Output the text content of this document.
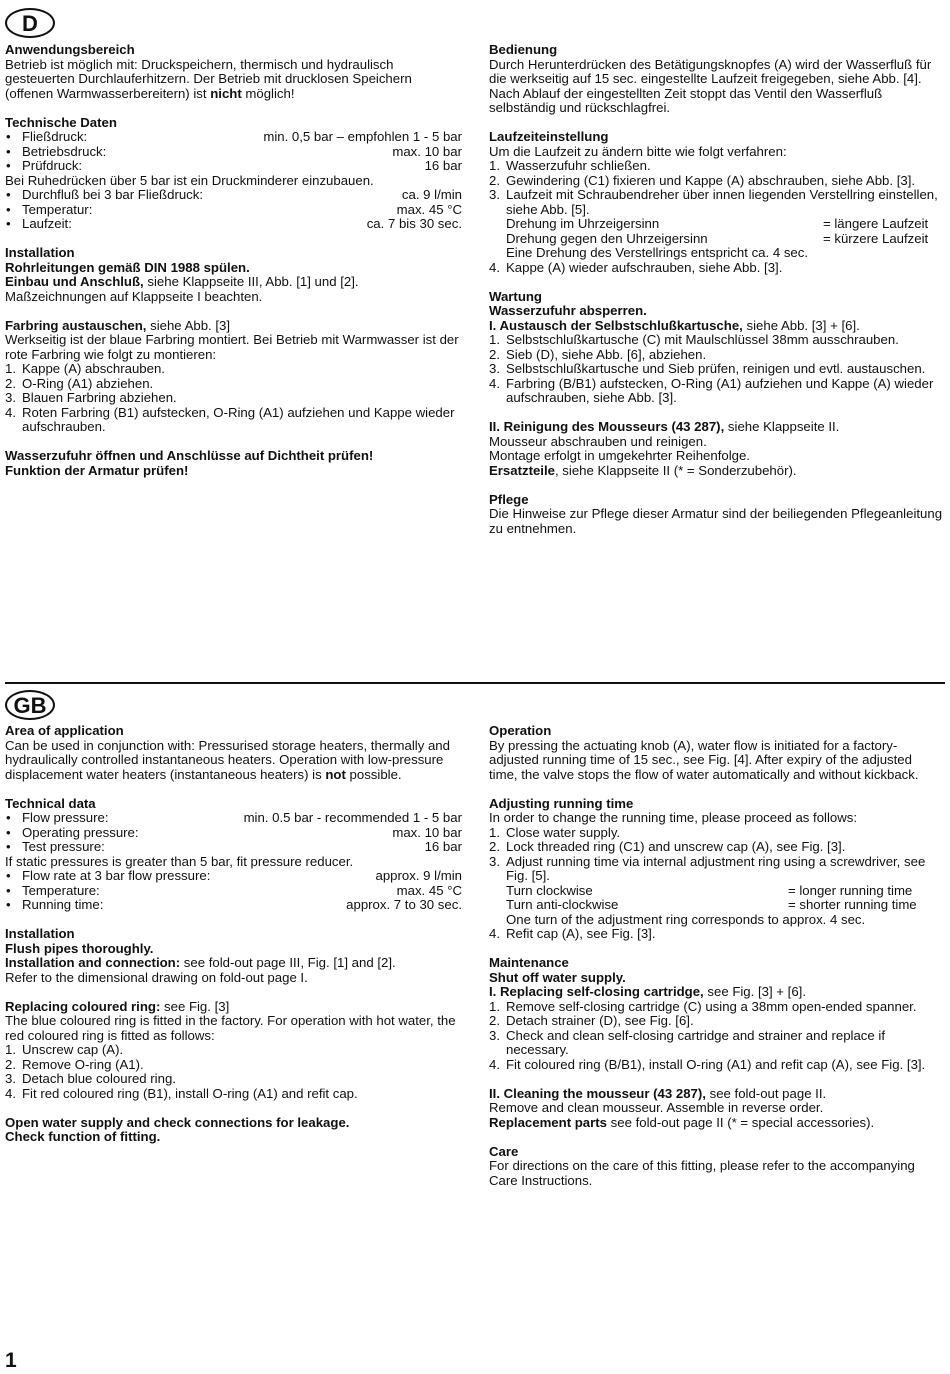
D

Anwendungsbereich

Betrieb ist möglich mit: Druckspeichern, thermisch und hydraulisch gesteuerten Durchlauferhitzern. Der Betrieb mit drucklosen Speichern (offenen Warmwasserbereitern) ist nicht möglich!

Technische Daten

• Fließdruck:	min. 0,5 bar – empfohlen 1 - 5 bar
• Betriebsdruck:	max. 10 bar
• Prüfdruck:	16 bar

Bei Ruhedrücken über 5 bar ist ein Druckminderer einzubauen.

• Durchfluß bei 3 bar Fließdruck:	ca. 9 l/min
• Temperatur:	max. 45 °C
• Laufzeit:	ca. 7 bis 30 sec.

Installation

Rohrleitungen gemäß DIN 1988 spülen.

Einbau und Anschluß, siehe Klappseite III, Abb. [1] und [2].

Maßzeichnungen auf Klappseite I beachten.

Farbring austauschen, siehe Abb. [3]

Werkseitig ist der blaue Farbring montiert. Bei Betrieb mit Warmwasser ist der rote Farbring wie folgt zu montieren:

1. Kappe (A) abschrauben.
2. O-Ring (A1) abziehen.
3. Blauen Farbring abziehen.
4. Roten Farbring (B1) aufstecken, O-Ring (A1) aufziehen und Kappe wieder aufschrauben.

Wasserzufuhr öffnen und Anschlüsse auf Dichtheit prüfen!

Funktion der Armatur prüfen!

Bedienung

Durch Herunterdrücken des Betätigungsknopfes (A) wird der Wasserfluß für die werkseitig auf 15 sec. eingestellte Laufzeit freigegeben, siehe Abb. [4]. Nach Ablauf der eingestellten Zeit stoppt das Ventil den Wasserfluß selbständig und rückschlagfrei.

Laufzeiteinstellung

Um die Laufzeit zu ändern bitte wie folgt verfahren:

1. Wasserzufuhr schließen.
2. Gewindering (C1) fixieren und Kappe (A) abschrauben, siehe Abb. [3].
3. Laufzeit mit Schraubendreher über innen liegenden Verstellring einstellen, siehe Abb. [5].
Drehung im Uhrzeigersinn	= längere Laufzeit
Drehung gegen den Uhrzeigersinn	= kürzere Laufzeit

Eine Drehung des Verstellrings entspricht ca. 4 sec.

4. Kappe (A) wieder aufschrauben, siehe Abb. [3].

Wartung

Wasserzufuhr absperren.

I. Austausch der Selbstschlußkartusche, siehe Abb. [3] + [6].

1. Selbstschlußkartusche (C) mit Maulschlüssel 38mm ausschrauben.
2. Sieb (D), siehe Abb. [6], abziehen.
3. Selbstschlußkartusche und Sieb prüfen, reinigen und evtl. austauschen.
4. Farbring (B/B1) aufstecken, O-Ring (A1) aufziehen und Kappe (A) wieder aufschrauben, siehe Abb. [3].

II. Reinigung des Mousseurs (43 287), siehe Klappseite II.

Mousseur abschrauben und reinigen.

Montage erfolgt in umgekehrter Reihenfolge.

Ersatzteile, siehe Klappseite II (* = Sonderzubehör).

Pflege

Die Hinweise zur Pflege dieser Armatur sind der beiliegenden Pflegeanleitung zu entnehmen.

GB

Area of application

Can be used in conjunction with: Pressurised storage heaters, thermally and hydraulically controlled instantaneous heaters. Operation with low-pressure displacement water heaters (instantaneous heaters) is not possible.

Technical data

• Flow pressure:	min. 0.5 bar - recommended 1 - 5 bar
• Operating pressure:	max. 10 bar
• Test pressure:	16 bar

If static pressures is greater than 5 bar, fit pressure reducer.

• Flow rate at 3 bar flow pressure:	approx. 9 l/min
• Temperature:	max. 45 °C
• Running time:	approx. 7 to 30 sec.

Installation

Flush pipes thoroughly.

Installation and connection: see fold-out page III, Fig. [1] and [2].

Refer to the dimensional drawing on fold-out page I.

Replacing coloured ring: see Fig. [3]

The blue coloured ring is fitted in the factory. For operation with hot water, the red coloured ring is fitted as follows:

1. Unscrew cap (A).
2. Remove O-ring (A1).
3. Detach blue coloured ring.
4. Fit red coloured ring (B1), install O-ring (A1) and refit cap.

Open water supply and check connections for leakage.

Check function of fitting.

Operation

By pressing the actuating knob (A), water flow is initiated for a factory-adjusted running time of 15 sec., see Fig. [4]. After expiry of the adjusted time, the valve stops the flow of water automatically and without kickback.

Adjusting running time

In order to change the running time, please proceed as follows:

1. Close water supply.
2. Lock threaded ring (C1) and unscrew cap (A), see Fig. [3].
3. Adjust running time via internal adjustment ring using a screwdriver, see Fig. [5].
Turn clockwise	= longer running time
Turn anti-clockwise	= shorter running time

One turn of the adjustment ring corresponds to approx. 4 sec.

4. Refit cap (A), see Fig. [3].

Maintenance

Shut off water supply.

I. Replacing self-closing cartridge, see Fig. [3] + [6].

1. Remove self-closing cartridge (C) using a 38mm open-ended spanner.
2. Detach strainer (D), see Fig. [6].
3. Check and clean self-closing cartridge and strainer and replace if necessary.
4. Fit coloured ring (B/B1), install O-ring (A1) and refit cap (A), see Fig. [3].

II. Cleaning the mousseur (43 287), see fold-out page II.

Remove and clean mousseur. Assemble in reverse order.

Replacement parts see fold-out page II (* = special accessories).

Care

For directions on the care of this fitting, please refer to the accompanying Care Instructions.

1
